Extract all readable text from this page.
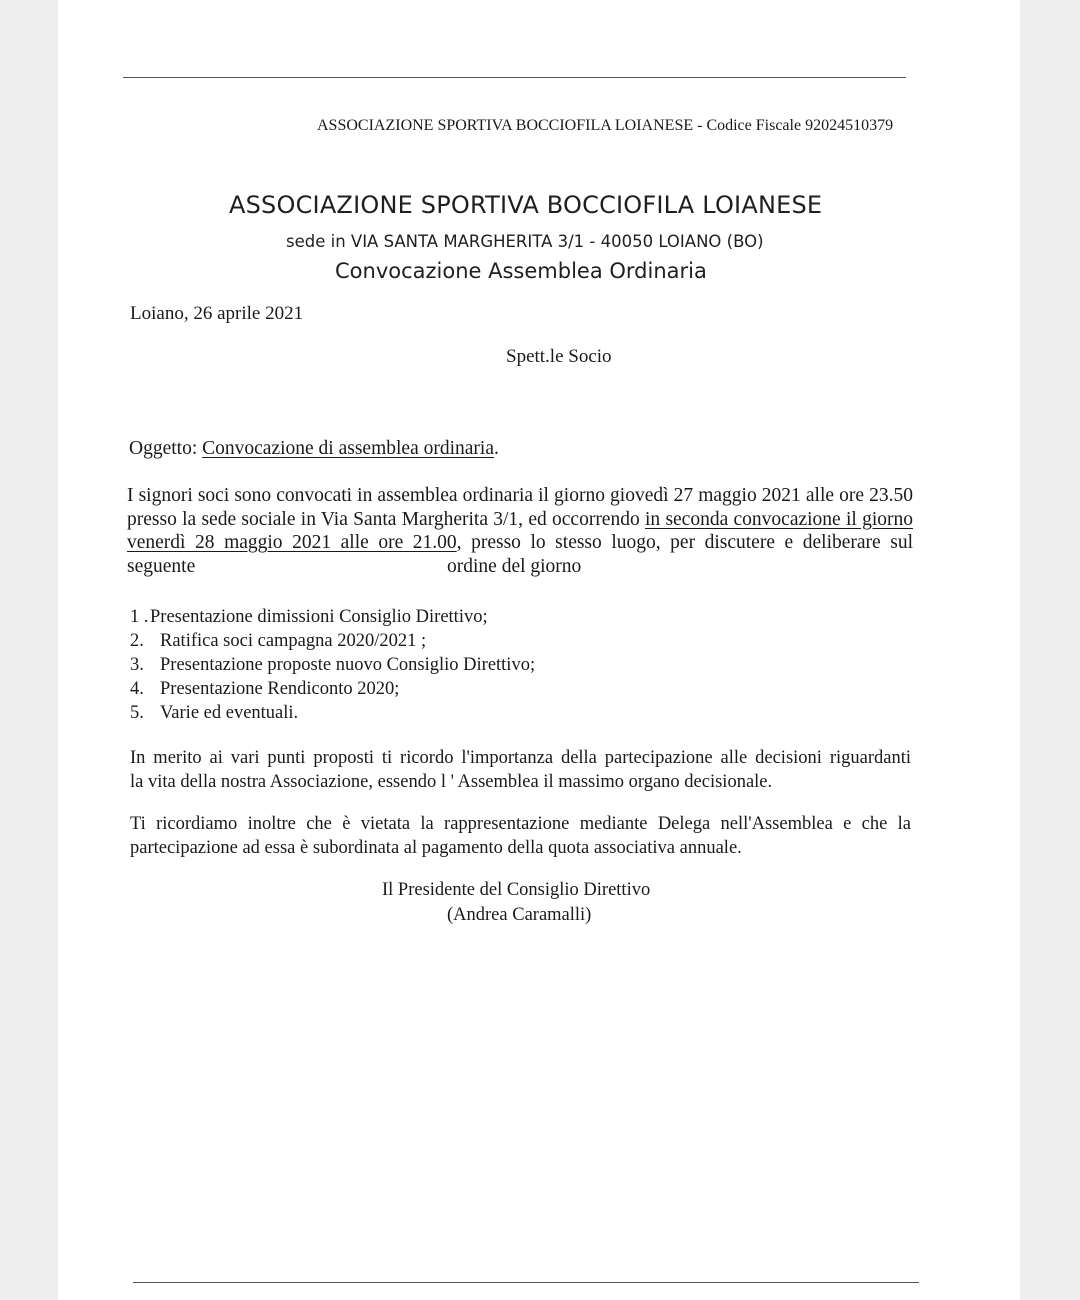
ASSOCIAZIONE SPORTIVA BOCCIOFILA LOIANESE - Codice Fiscale 92024510379
ASSOCIAZIONE SPORTIVA BOCCIOFILA LOIANESE
sede in VIA SANTA MARGHERITA 3/1 - 40050 LOIANO (BO)
Convocazione Assemblea Ordinaria
Loiano, 26 aprile 2021
Spett.le Socio
Oggetto: Convocazione di assemblea ordinaria.
I signori soci sono convocati in assemblea ordinaria il giorno giovedì 27 maggio 2021 alle ore 23.50
presso la sede sociale in Via Santa Margherita 3/1, ed occorrendo in seconda convocazione il giorno
venerdì 28 maggio 2021 alle ore 21.00, presso lo stesso luogo, per discutere e deliberare sul seguente	ordine del giorno
1 .Presentazione dimissioni Consiglio Direttivo;
2. Ratifica soci campagna 2020/2021 ;
3. Presentazione proposte nuovo Consiglio Direttivo;
4. Presentazione Rendiconto 2020;
5. Varie ed eventuali.
In merito ai vari punti proposti ti ricordo l'importanza della partecipazione alle decisioni riguardanti
la vita della nostra Associazione, essendo l ' Assemblea il massimo organo decisionale.
Ti ricordiamo inoltre che è vietata la rappresentazione mediante Delega nell'Assemblea e che la
partecipazione ad essa è subordinata al pagamento della quota associativa annuale.
Il Presidente del Consiglio Direttivo
(Andrea Caramalli)
